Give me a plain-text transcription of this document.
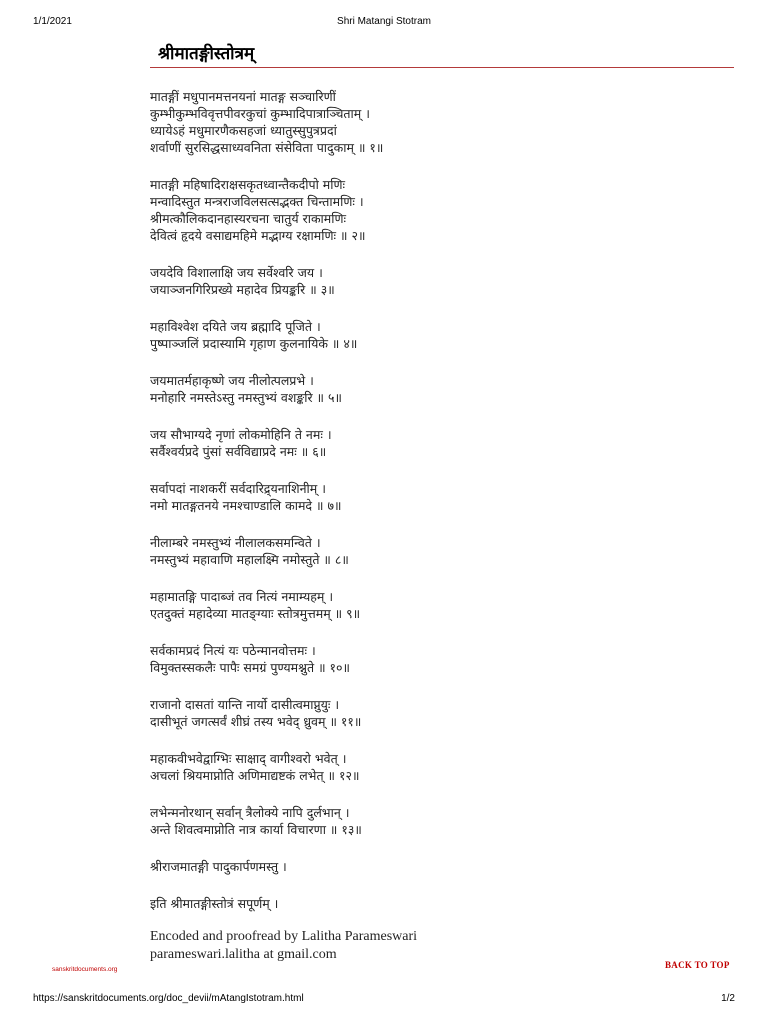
1/1/2021	Shri Matangi Stotram
श्रीमातङ्गीस्तोत्रम्
मातङ्गीं मधुपानमत्तनयनां मातङ्ग सञ्चारिणीं
कुम्भीकुम्भविवृत्तपीवरकुचां कुम्भादिपात्राञ्चिताम् ।
ध्यायेऽहं मधुमारणैकसहजां ध्यातुस्सुपुत्रप्रदां
शर्वाणीं सुरसिद्धसाध्यवनिता संसेविता पादुकाम् ॥ १॥
मातङ्गी महिषादिराक्षसकृतध्वान्तैकदीपो मणिः
मन्वादिस्तुत मन्त्रराजविलसत्सद्भक्त चिन्तामणिः ।
श्रीमत्कौलिकदानहास्यरचना चातुर्य राकामणिः
देवित्वं हृदये वसाद्यमहिमे मद्भाग्य रक्षामणिः ॥ २॥
जयदेवि विशालाक्षि जय सर्वेश्वरि जय ।
जयाञ्जनगिरिप्रख्ये महादेव प्रियङ्करि ॥ ३॥
महाविश्वेश दयिते जय ब्रह्मादि पूजिते ।
पुष्पाञ्जलिं प्रदास्यामि गृहाण कुलनायिके ॥ ४॥
जयमातर्महाकृष्णे जय नीलोत्पलप्रभे ।
मनोहारि नमस्तेऽस्तु नमस्तुभ्यं वशङ्करि ॥ ५॥
जय सौभाग्यदे नृणां लोकमोहिनि ते नमः ।
सर्वैश्वर्यप्रदे पुंसां सर्वविद्याप्रदे नमः ॥ ६॥
सर्वापदां नाशकरीं सर्वदारिद्र्यनाशिनीम् ।
नमो मातङ्गतनये नमश्चाण्डालि कामदे ॥ ७॥
नीलाम्बरे नमस्तुभ्यं नीलालकसमन्विते ।
नमस्तुभ्यं महावाणि महालक्ष्मि नमोस्तुते ॥ ८॥
महामातङ्गि पादाब्जं तव नित्यं नमाम्यहम् ।
एतदुक्तं महादेव्या मातङ्ग्याः स्तोत्रमुत्तमम् ॥ ९॥
सर्वकामप्रदं नित्यं यः पठेन्मानवोत्तमः ।
विमुक्तस्सकलैः पापैः समग्रं पुण्यमश्नुते ॥ १०॥
राजानो दासतां यान्ति नार्यो दासीत्वमाप्नुयुः ।
दासीभूतं जगत्सर्वं शीघ्रं तस्य भवेद् ध्रुवम् ॥ ११॥
महाकवीभवेद्वाग्भिः साक्षाद् वागीश्वरो भवेत् ।
अचलां श्रियमाप्नोति अणिमाद्यष्टकं लभेत् ॥ १२॥
लभेन्मनोरथान् सर्वान् त्रैलोक्ये नापि दुर्लभान् ।
अन्ते शिवत्वमाप्नोति नात्र कार्या विचारणा ॥ १३॥
श्रीराजमातङ्गी पादुकार्पणमस्तु ।
इति श्रीमातङ्गीस्तोत्रं सपूर्णम् ।
Encoded and proofread by Lalitha Parameswari
parameswari.lalitha at gmail.com
sanskritdocuments.org	BACK TO TOP
https://sanskritdocuments.org/doc_devii/mAtangIstotram.html	1/2
